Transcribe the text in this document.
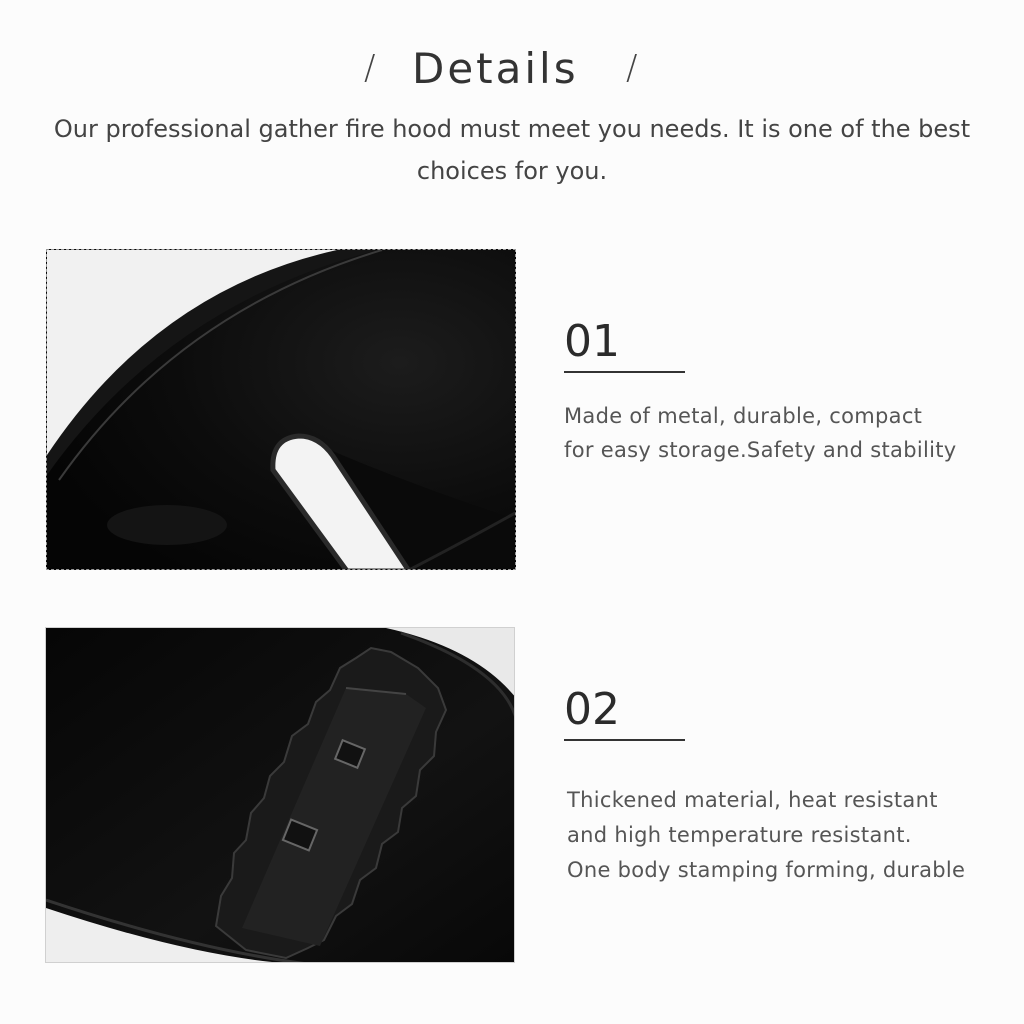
/ Details /
Our professional gather fire hood must meet you needs. It is one of the best choices for you.
01
Made of metal, durable, compact
for easy storage.Safety and stability
02
Thickened material, heat resistant
and high temperature resistant.
One body stamping forming, durable
